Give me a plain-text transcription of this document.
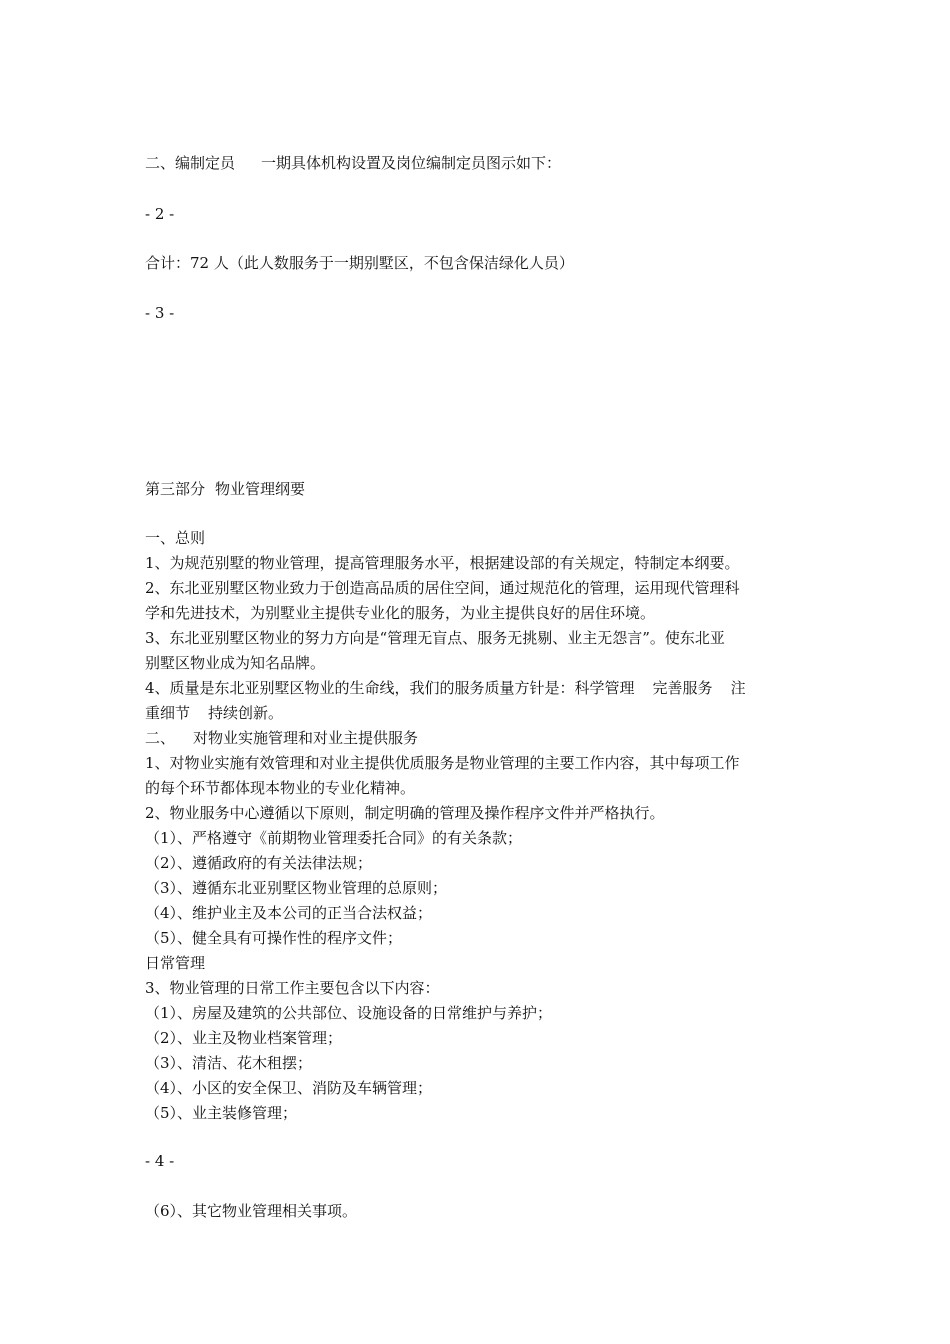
二、编制定员 一期具体机构设置及岗位编制定员图示如下：
- 2 -
合计：72 人（此人数服务于一期别墅区，不包含保洁绿化人员）
- 3 -
第三部分 物业管理纲要
一、总则
1、为规范别墅的物业管理，提高管理服务水平，根据建设部的有关规定，特制定本纲要。
2、东北亚别墅区物业致力于创造高品质的居住空间，通过规范化的管理，运用现代管理科
学和先进技术，为别墅业主提供专业化的服务，为业主提供良好的居住环境。
3、东北亚别墅区物业的努力方向是“管理无盲点、服务无挑剔、业主无怨言”。使东北亚
别墅区物业成为知名品牌。
4、质量是东北亚别墅区物业的生命线，我们的服务质量方针是：科学管理 完善服务 注
重细节 持续创新。
二、 对物业实施管理和对业主提供服务
1、对物业实施有效管理和对业主提供优质服务是物业管理的主要工作内容，其中每项工作
的每个环节都体现本物业的专业化精神。
2、物业服务中心遵循以下原则，制定明确的管理及操作程序文件并严格执行。
（1）、严格遵守《前期物业管理委托合同》的有关条款；
（2）、遵循政府的有关法律法规；
（3）、遵循东北亚别墅区物业管理的总原则；
（4）、维护业主及本公司的正当合法权益；
（5）、健全具有可操作性的程序文件；
日常管理
3、物业管理的日常工作主要包含以下内容：
（1）、房屋及建筑的公共部位、设施设备的日常维护与养护；
（2）、业主及物业档案管理；
（3）、清洁、花木租摆；
（4）、小区的安全保卫、消防及车辆管理；
（5）、业主装修管理；
- 4 -
（6）、其它物业管理相关事项。
